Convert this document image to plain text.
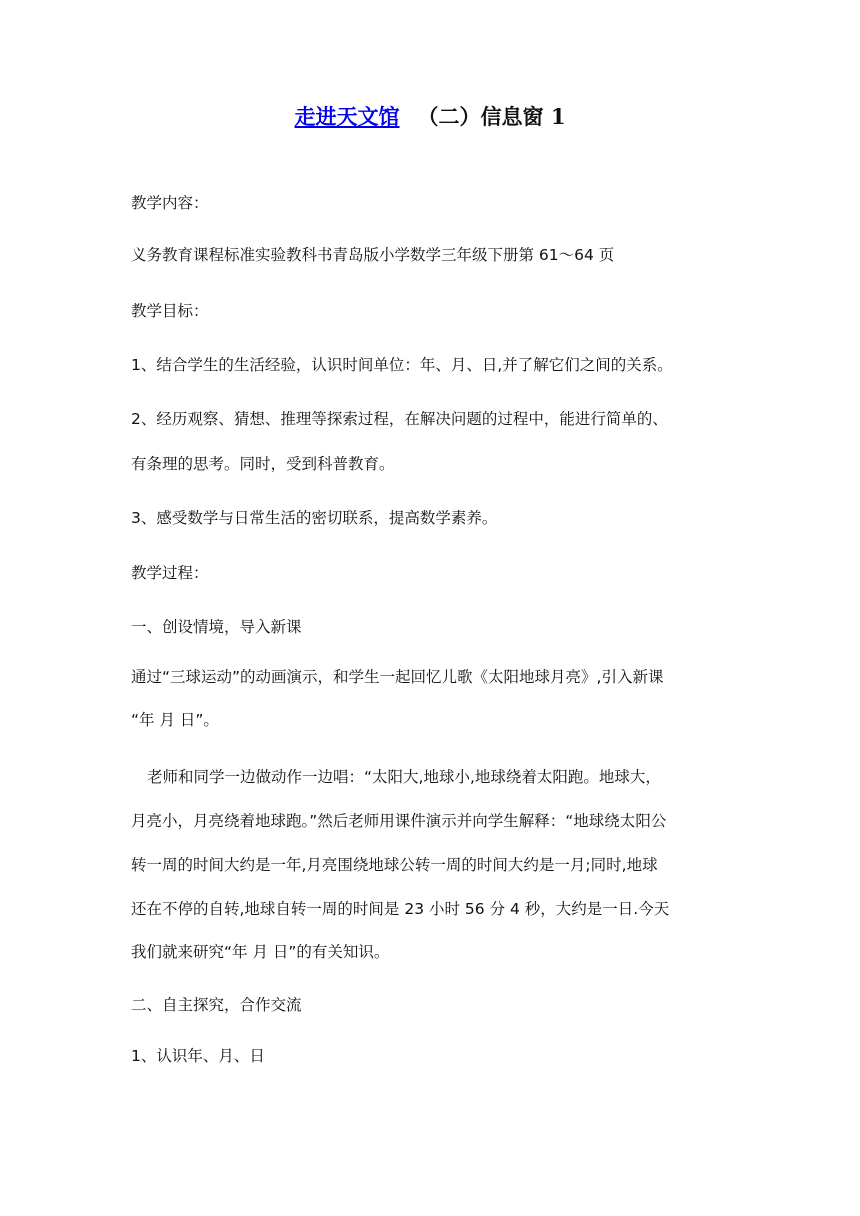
走进天文馆 （二）信息窗 1
教学内容：
义务教育课程标准实验教科书青岛版小学数学三年级下册第 61～64 页
教学目标：
1、结合学生的生活经验，认识时间单位：年、月、日,并了解它们之间的关系。
2、经历观察、猜想、推理等探索过程，在解决问题的过程中，能进行简单的、
有条理的思考。同时，受到科普教育。
3、感受数学与日常生活的密切联系，提高数学素养。
教学过程：
一、创设情境，导入新课
通过“三球运动”的动画演示，和学生一起回忆儿歌《太阳地球月亮》,引入新课
“年 月 日”。
老师和同学一边做动作一边唱：“太阳大,地球小,地球绕着太阳跑。地球大，
月亮小，月亮绕着地球跑。”然后老师用课件演示并向学生解释：“地球绕太阳公
转一周的时间大约是一年,月亮围绕地球公转一周的时间大约是一月;同时,地球
还在不停的自转,地球自转一周的时间是 23 小时 56 分 4 秒，大约是一日.今天
我们就来研究“年 月 日”的有关知识。
二、自主探究，合作交流
1、认识年、月、日
